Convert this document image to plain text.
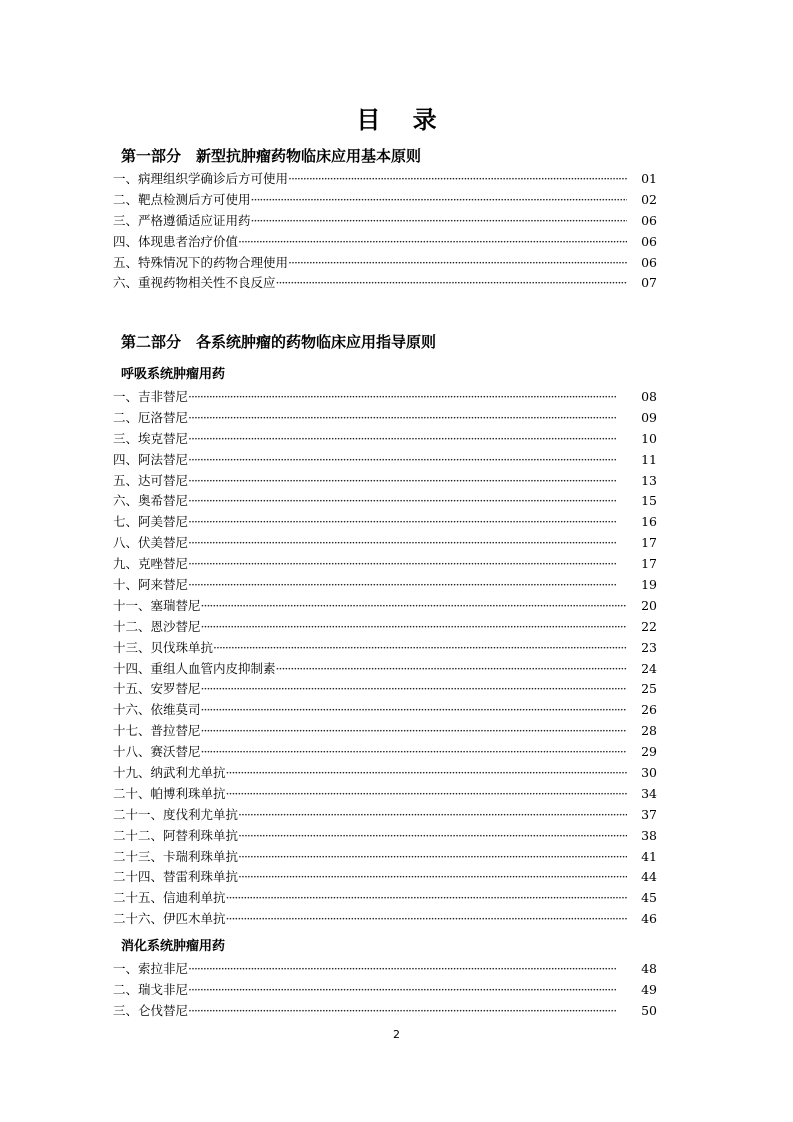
目 录
第一部分　新型抗肿瘤药物临床应用基本原则
一、病理组织学确诊后方可使用 ·····	01
二、靶点检测后方可使用 ·····	02
三、严格遵循适应证用药 ·····	06
四、体现患者治疗价值 ·····	06
五、特殊情况下的药物合理使用 ·····	06
六、重视药物相关性不良反应 ·····	07
第二部分　各系统肿瘤的药物临床应用指导原则
呼吸系统肿瘤用药
一、吉非替尼 ·····	08
二、厄洛替尼 ·····	09
三、埃克替尼 ·····	10
四、阿法替尼 ·····	11
五、达可替尼 ·····	13
六、奥希替尼 ·····	15
七、阿美替尼 ·····	16
八、伏美替尼 ·····	17
九、克唑替尼 ·····	17
十、阿来替尼 ·····	19
十一、塞瑞替尼 ·····	20
十二、恩沙替尼 ·····	22
十三、贝伐珠单抗 ·····	23
十四、重组人血管内皮抑制素 ·····	24
十五、安罗替尼 ·····	25
十六、依维莫司 ·····	26
十七、普拉替尼 ·····	28
十八、赛沃替尼 ·····	29
十九、纳武利尤单抗 ·····	30
二十、帕博利珠单抗 ·····	34
二十一、度伐利尤单抗 ·····	37
二十二、阿替利珠单抗 ·····	38
二十三、卡瑞利珠单抗 ·····	41
二十四、替雷利珠单抗 ·····	44
二十五、信迪利单抗 ·····	45
二十六、伊匹木单抗 ·····	46
消化系统肿瘤用药
一、索拉非尼 ·····	48
二、瑞戈非尼 ·····	49
三、仑伐替尼 ·····	50
2
